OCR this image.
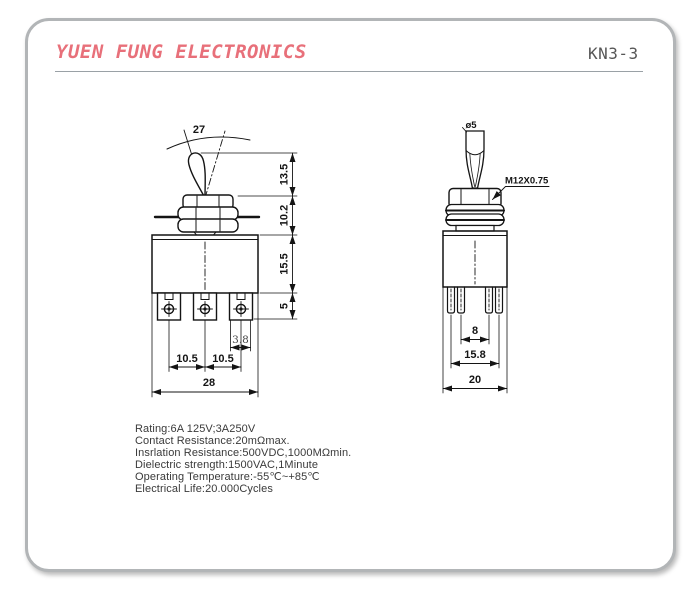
YUEN FUNG ELECTRONICS	KN3-3
27
13.5
10.2
15.5
5
3.8
10.5 10.5
28
ø5
M12X0.75
8
15.8
20
Rating:6A 125V;3A250V
Contact Resistance:20mΩmax.
Insrlation Resistance:500VDC,1000MΩmin.
Dielectric strength:1500VAC,1Minute
Operating Temperature:-55℃~+85℃
Electrical Life:20.000Cycles
